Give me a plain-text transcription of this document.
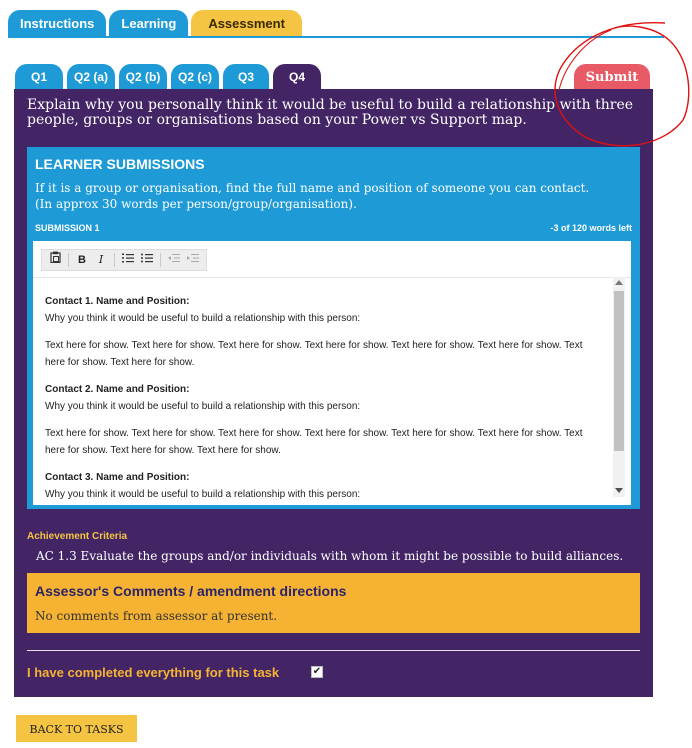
Instructions	Learning	Assessment
Q1	Q2 (a)	Q2 (b)	Q2 (c)	Q3	Q4	Submit
Explain why you personally think it would be useful to build a relationship with three people, groups or organisations based on your Power vs Support map.
LEARNER SUBMISSIONS
If it is a group or organisation, find the full name and position of someone you can contact.
(In approx 30 words per person/group/organisation).
SUBMISSION 1	-3 of 120 words left
B	I
Contact 1. Name and Position:
Why you think it would be useful to build a relationship with this person:
Text here for show. Text here for show. Text here for show. Text here for show. Text here for show. Text here for show. Text here for show. Text here for show.
Contact 2. Name and Position:
Why you think it would be useful to build a relationship with this person:
Text here for show. Text here for show. Text here for show. Text here for show. Text here for show. Text here for show. Text here for show. Text here for show. Text here for show.
Contact 3. Name and Position:
Why you think it would be useful to build a relationship with this person:
Achievement Criteria
AC 1.3 Evaluate the groups and/or individuals with whom it might be possible to build alliances.
Assessor's Comments / amendment directions
No comments from assessor at present.
I have completed everything for this task	✔
BACK TO TASKS
